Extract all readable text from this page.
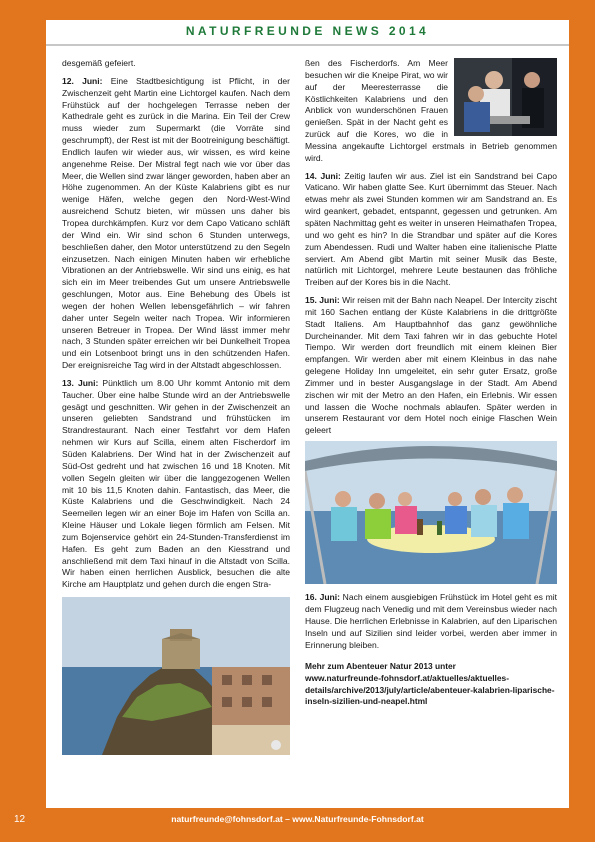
NATURFREUNDE NEWS 2014

desgemäß gefeiert.

12. Juni: Eine Stadtbesichtigung ist Pflicht, in der Zwischenzeit geht Martin eine Lichtorgel kaufen. Nach dem Frühstück auf der hochgelegen Terrasse neben der Kathedrale geht es zurück in die Marina. Ein Teil der Crew muss wieder zum Supermarkt (die Vorräte sind geschrumpft), der Rest ist mit der Bootreinigung beschäftigt. Endlich laufen wir wieder aus, wir wissen, es wird keine angenehme Reise. Der Mistral fegt nach wie vor über das Meer, die Wellen sind zwar länger geworden, haben aber an Höhe zugenommen. An der Küste Kalabriens gibt es nur wenige Häfen, welche gegen den Nord-West-Wind ausreichend Schutz bieten, wir müssen uns daher bis Tropea durchkämpfen. Kurz vor dem Capo Vaticano schläft der Wind ein. Wir sind schon 6 Stunden unterwegs, beschließen daher, den Motor unterstützend zu den Segeln einzusetzen. Nach einigen Minuten haben wir erhebliche Vibrationen an der Antriebswelle. Wir sind uns einig, es hat sich ein im Meer treibendes Gut um unsere Antriebswelle geschlungen, Motor aus. Eine Behebung des Übels ist wegen der hohen Wellen lebensgefährlich – wir fahren daher unter Segeln weiter nach Tropea. Wir informieren unseren Betreuer in Tropea. Der Wind lässt immer mehr nach, 3 Stunden später erreichen wir bei Dunkelheit Tropea und ein Lotsenboot bringt uns in den schützenden Hafen. Der ereignisreiche Tag wird in der Altstadt abgeschlossen.

13. Juni: Pünktlich um 8.00 Uhr kommt Antonio mit dem Taucher. Über eine halbe Stunde wird an der Antriebswelle gesägt und geschnitten. Wir gehen in der Zwischenzeit an unseren geliebten Sandstrand und frühstücken im Strandrestaurant. Nach einer Testfahrt vor dem Hafen nehmen wir Kurs auf Scilla, einem alten Fischerdorf im Süden Kalabriens. Der Wind hat in der Zwischenzeit auf Süd-Ost gedreht und hat zwischen 16 und 18 Knoten. Mit vollen Segeln gleiten wir über die langgezogenen Wellen mit 10 bis 11,5 Knoten dahin. Fantastisch, das Meer, die Küste Kalabriens und die Geschwindigkeit. Nach 24 Seemeilen legen wir an einer Boje im Hafen von Scilla an. Kleine Häuser und Lokale liegen förmlich am Felsen. Mit zum Bojenservice gehört ein 24-Stunden-Transferdienst im Hafen. Es geht zum Baden an den Kiesstrand und anschließend mit dem Taxi hinauf in die Altstadt von Scilla. Wir haben einen herrlichen Ausblick, besuchen die alte Kirche am Hauptplatz und gehen durch die engen Stra-

ßen des Fischerdorfs. Am Meer besuchen wir die Kneipe Pirat, wo wir auf der Meeresterrasse die Köstlichkeiten Kalabriens und den Anblick von wunderschönen Frauen genießen. Spät in der Nacht geht es zurück auf die Kores, wo die in Messina angekaufte Lichtorgel erstmals in Betrieb genommen wird.

14. Juni: Zeitig laufen wir aus. Ziel ist ein Sandstrand bei Capo Vaticano. Wir haben glatte See. Kurt übernimmt das Steuer. Nach etwas mehr als zwei Stunden kommen wir am Sandstrand an. Es wird geankert, gebadet, entspannt, gegessen und getrunken. Am späten Nachmittag geht es weiter in unseren Heimathafen Tropea, und wo geht es hin? In die Strandbar und später auf die Kores zum Abendessen. Rudi und Walter haben eine italienische Platte serviert. Am Abend gibt Martin mit seiner Musik das Beste, natürlich mit Lichtorgel, mehrere Leute bestaunen das fröhliche Treiben auf der Kores bis in die Nacht.

15. Juni: Wir reisen mit der Bahn nach Neapel. Der Intercity zischt mit 160 Sachen entlang der Küste Kalabriens in die drittgrößte Stadt Italiens. Am Hauptbahnhof das ganz gewöhnliche Durcheinander. Mit dem Taxi fahren wir in das gebuchte Hotel Tiempo. Wir werden dort freundlich mit einem kleinen Bier empfangen. Wir werden aber mit einem Kleinbus in das nahe gelegene Holiday Inn umgeleitet, ein sehr guter Ersatz, große Zimmer und in bester Ausgangslage in der Stadt. Am Abend zischen wir mit der Metro an den Hafen, ein Erlebnis. Wir essen und lassen die Woche nochmals ablaufen. Später werden in unserem Restaurant vor dem Hotel noch einige Flaschen Wein geleert

16. Juni: Nach einem ausgiebigen Frühstück im Hotel geht es mit dem Flugzeug nach Venedig und mit dem Vereinsbus wieder nach Hause. Die herrlichen Erlebnisse in Kalabrien, auf den Liparischen Inseln und auf Sizilien sind leider vorbei, werden aber immer in Erinnerung bleiben.

Mehr zum Abenteuer Natur 2013 unter
www.naturfreunde-fohnsdorf.at/aktuelles/aktuelles-details/archive/2013/july/article/abenteuer-kalabrien-liparische-inseln-sizilien-und-neapel.html
12	naturfreunde@fohnsdorf.at – www.Naturfreunde-Fohnsdorf.at
